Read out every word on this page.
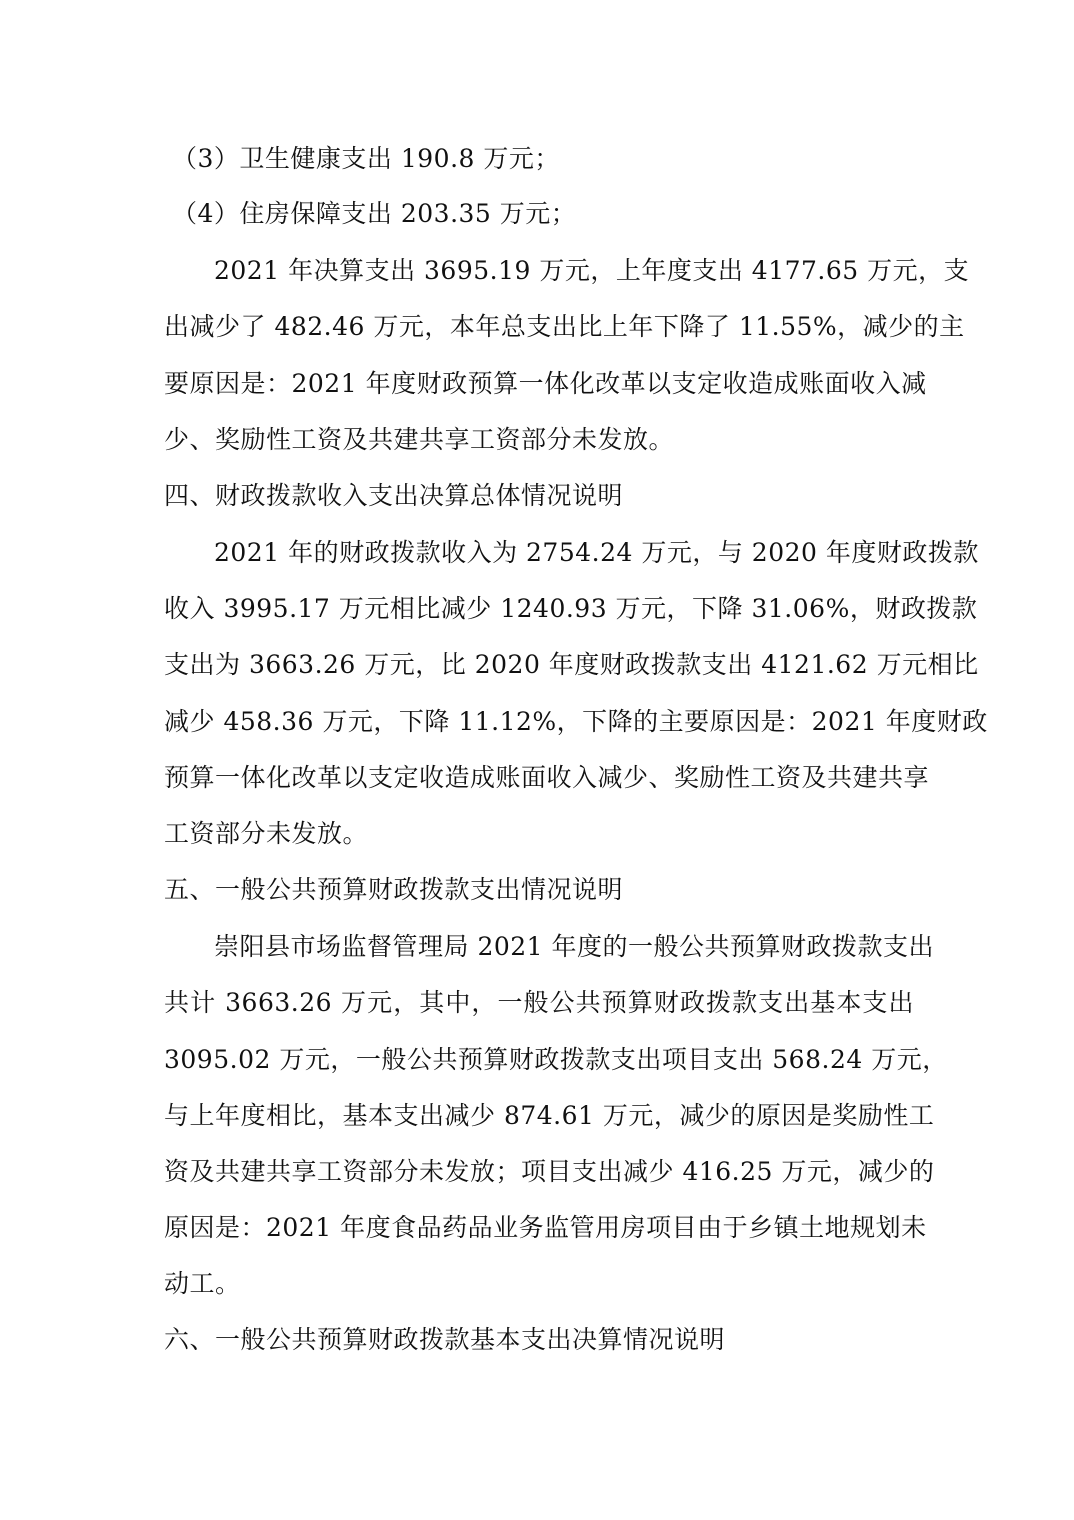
（3）卫生健康支出 190.8 万元；
（4）住房保障支出 203.35 万元；
2021 年决算支出 3695.19 万元，上年度支出 4177.65 万元，支
出减少了 482.46 万元，本年总支出比上年下降了 11.55%，减少的主
要原因是：2021 年度财政预算一体化改革以支定收造成账面收入减
少、奖励性工资及共建共享工资部分未发放。
四、财政拨款收入支出决算总体情况说明
2021 年的财政拨款收入为 2754.24 万元，与 2020 年度财政拨款
收入 3995.17 万元相比减少 1240.93 万元，下降 31.06%，财政拨款
支出为 3663.26 万元，比 2020 年度财政拨款支出 4121.62 万元相比
减少 458.36 万元，下降 11.12%，下降的主要原因是：2021 年度财政
预算一体化改革以支定收造成账面收入减少、奖励性工资及共建共享
工资部分未发放。
五、一般公共预算财政拨款支出情况说明
崇阳县市场监督管理局 2021 年度的一般公共预算财政拨款支出
共计 3663.26 万元，其中，一般公共预算财政拨款支出基本支出
3095.02 万元，一般公共预算财政拨款支出项目支出 568.24 万元，
与上年度相比，基本支出减少 874.61 万元，减少的原因是奖励性工
资及共建共享工资部分未发放；项目支出减少 416.25 万元，减少的
原因是：2021 年度食品药品业务监管用房项目由于乡镇土地规划未
动工。
六、一般公共预算财政拨款基本支出决算情况说明
